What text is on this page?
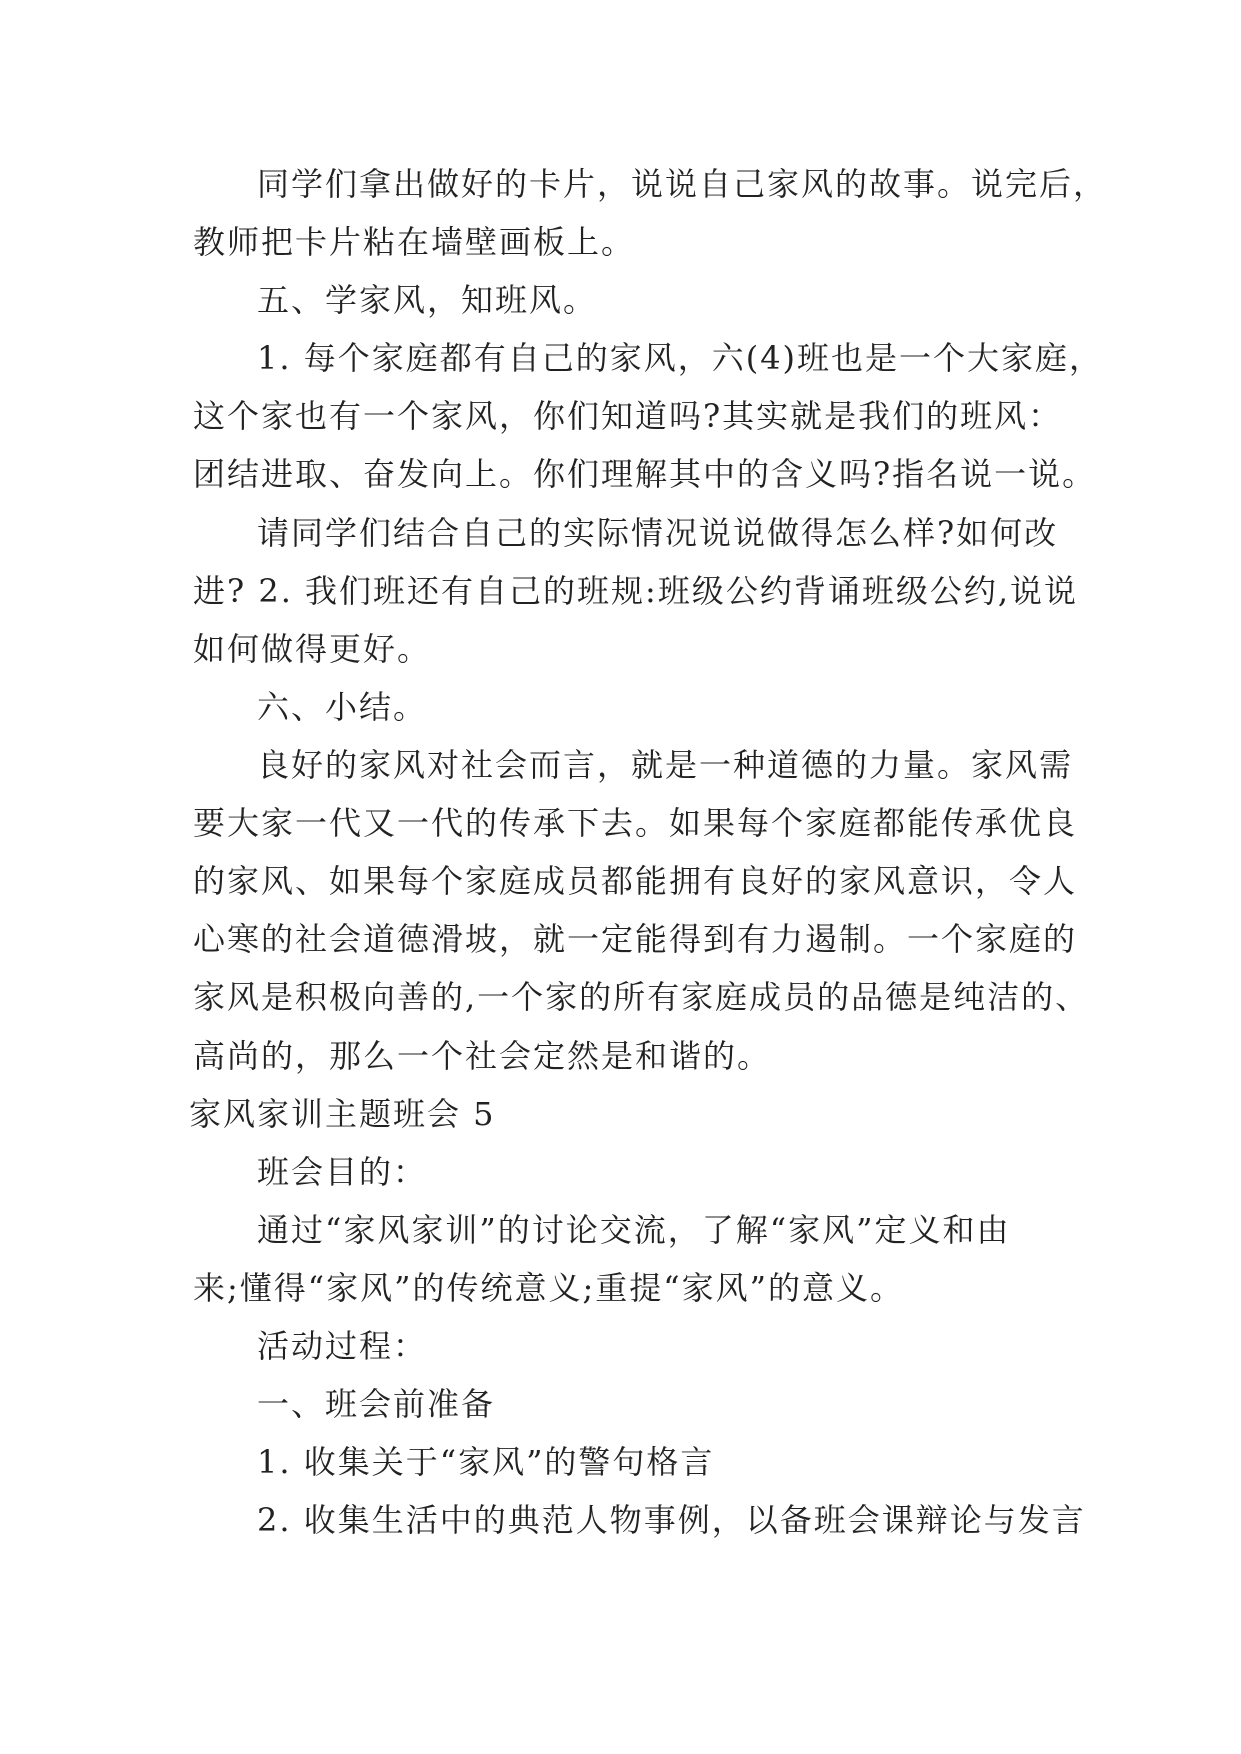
同学们拿出做好的卡片，说说自己家风的故事。说完后，
教师把卡片粘在墙壁画板上。
五、学家风，知班风。
1. 每个家庭都有自己的家风，六(4)班也是一个大家庭，
这个家也有一个家风，你们知道吗?其实就是我们的班风：
团结进取、奋发向上。你们理解其中的含义吗?指名说一说。
请同学们结合自己的实际情况说说做得怎么样?如何改
进? 2. 我们班还有自己的班规:班级公约背诵班级公约,说说
如何做得更好。
六、小结。
良好的家风对社会而言，就是一种道德的力量。家风需
要大家一代又一代的传承下去。如果每个家庭都能传承优良
的家风、如果每个家庭成员都能拥有良好的家风意识，令人
心寒的社会道德滑坡，就一定能得到有力遏制。一个家庭的
家风是积极向善的,一个家的所有家庭成员的品德是纯洁的、
高尚的，那么一个社会定然是和谐的。
家风家训主题班会 5
班会目的：
通过“家风家训”的讨论交流，了解“家风”定义和由
来;懂得“家风”的传统意义;重提“家风”的意义。
活动过程：
一、班会前准备
1. 收集关于“家风”的警句格言
2. 收集生活中的典范人物事例，以备班会课辩论与发言
